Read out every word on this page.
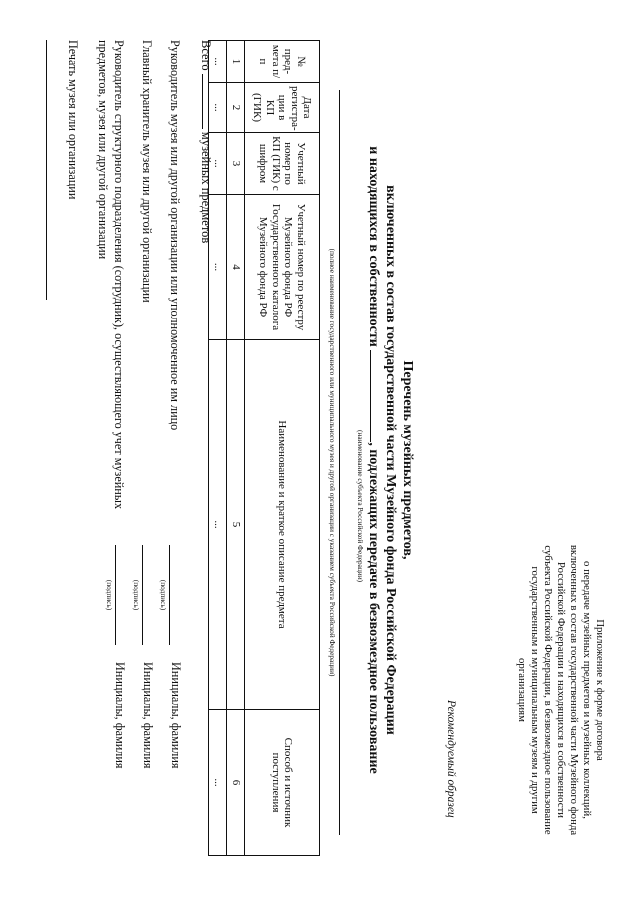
Приложение к форме договора
о передаче музейных предметов и музейных коллекций,
включенных в состав государственной части Музейного фонда
Российской Федерации и находящихся в собственности
субъекта Российской Федерации, в безвозмездное пользование
государственным и муниципальным музеям и другим
организациям
Рекомендуемый образец
Перечень музейных предметов,
включенных в состав государственной части Музейного фонда Российской Федерации
и находящихся в собственности , подлежащих передаче в безвозмездное пользование
(наименование субъекта Российской Федерации)
(полное наименование государственного или муниципального музея и другой организации с указанием субъекта Российской Федерации)
№ пред-мета п/п	Дата регистра-ции в КП (ГИК)	Учетный номер по КП (ГИК) с шифром	Учетный номер по реестру Музейного фонда РФ Государственного каталога Музейного фонда РФ	Наименование и краткое описание предмета	Способ и источник поступления
1	2	3	4	5	6
...	...	...	...	...	...
Всего  музейных предметов
Руководитель музея или другой организации или уполномоченное им лицо
(подпись)
Инициалы, фамилия
Главный хранитель музея или другой организации
(подпись)
Инициалы, фамилия
Руководитель структурного подразделения (сотрудник), осуществляющего учет музейных предметов, музея или другой организации
(подпись)
Инициалы, фамилия
Печать музея или организации
